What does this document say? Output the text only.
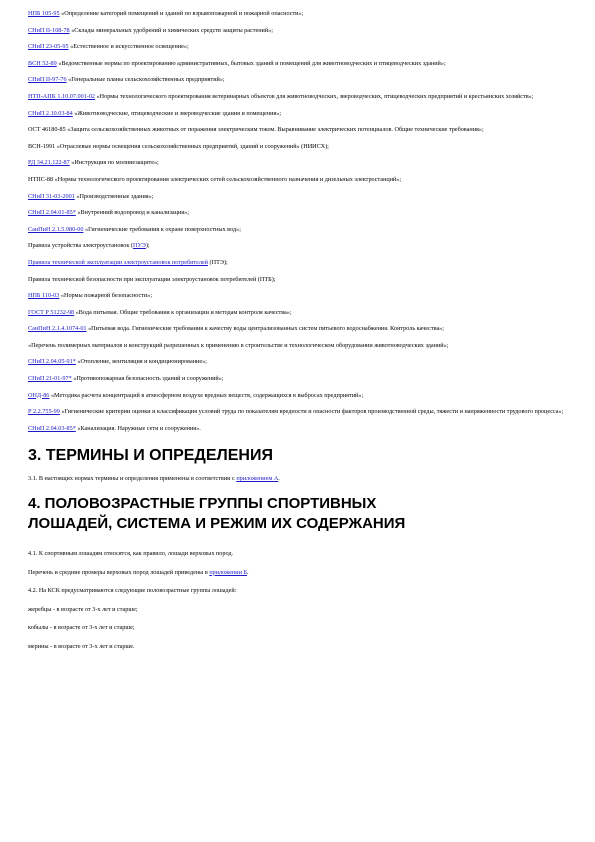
НПБ 105-95 «Определение категорий помещений и зданий по взрывопожарной и пожарной опасности»;

СНиП II-108-78 «Склады минеральных удобрений и химических средств защиты растений»;

СНиП 23-05-95 «Естественное и искусственное освещение»;

ВСН 52-89 «Ведомственные нормы по проектированию административных, бытовых зданий и помещений для животноводческих и птицеводческих зданий»;

СНиП II-97-76 «Генеральные планы сельскохозяйственных предприятий»;

НТП-АПК 1.10.07.001-02 «Нормы технологического проектирования ветеринарных объектов для животноводческих, звероводческих, птицеводческих предприятий и крестьянских хозяйств»;

СНиП 2.10.03-84 «Животноводческие, птицеводческие и звероводческие здания и помещения»;

ОСТ 46180-85 «Защита сельскохозяйственных животных от поражения электрическим током. Выравнивание электрических потенциалов. Общие технические требования»;

ВСН-1991 «Отраслевые нормы освещения сельскохозяйственных предприятий, зданий и сооружений» (НИИСХ);

РД 34.21.122-87 «Инструкция по молниезащите»;

НТПС-88 «Нормы технологического проектирования электрических сетей сельскохозяйственного назначения и дизельных электростанций»;

СНиП 31-03-2001 «Производственные здания»;

СНиП 2.04.01-85* «Внутренний водопровод и канализация»;

СанПиН 2.1.5.980-00 «Гигиенические требования к охране поверхностных вод»;

Правила устройства электроустановок (ПУЭ);

Правила технической эксплуатации электроустановок потребителей (ПТЭ);

Правила технической безопасности при эксплуатации электроустановок потребителей (ПТБ);

НПБ 110-03 «Нормы пожарной безопасности»;

ГОСТ Р 51232-98 «Вода питьевая. Общие требования к организации и методам контроля качества»;

СанПиН 2.1.4.1074-01 «Питьевая вода. Гигиенические требования к качеству воды централизованных систем питьевого водоснабжения. Контроль качества»;

«Перечень полимерных материалов и конструкций разрешенных к применению в строительстве и технологическом оборудовании животноводческих зданий»;

СНиП 2.04.05-91* «Отопление, вентиляция и кондиционирование»;

СНиП 21-01-97* «Противопожарная безопасность зданий и сооружений»;

ОНД-86 «Методика расчета концентраций в атмосферном воздухе вредных веществ, содержащихся в выбросах предприятий»;

Р 2.2.755-99 «Гигиенические критерии оценки и классификация условий труда по показателям вредности и опасности факторов производственной среды, тяжести и напряженности трудового процесса»;

СНиП 2.04.03-85* «Канализация. Наружные сети и сооружения».

3. ТЕРМИНЫ И ОПРЕДЕЛЕНИЯ

3.1. В настоящих нормах термины и определения применены в соответствии с приложением А.

4. ПОЛОВОЗРАСТНЫЕ ГРУППЫ СПОРТИВНЫХ
ЛОШАДЕЙ, СИСТЕМА И РЕЖИМ ИХ СОДЕРЖАНИЯ

4.1. К спортивным лошадям относятся, как правило, лошади верховых пород.

Перечень и средние промеры верховых пород лошадей приведены в приложении Б.

4.2. На КСК предусматриваются следующие половозрастные группы лошадей:

жеребцы - в возрасте от 3-х лет и старше;

кобылы - в возрасте от 3-х лет и старше;

мерины - в возрасте от 3-х лет и старше.
